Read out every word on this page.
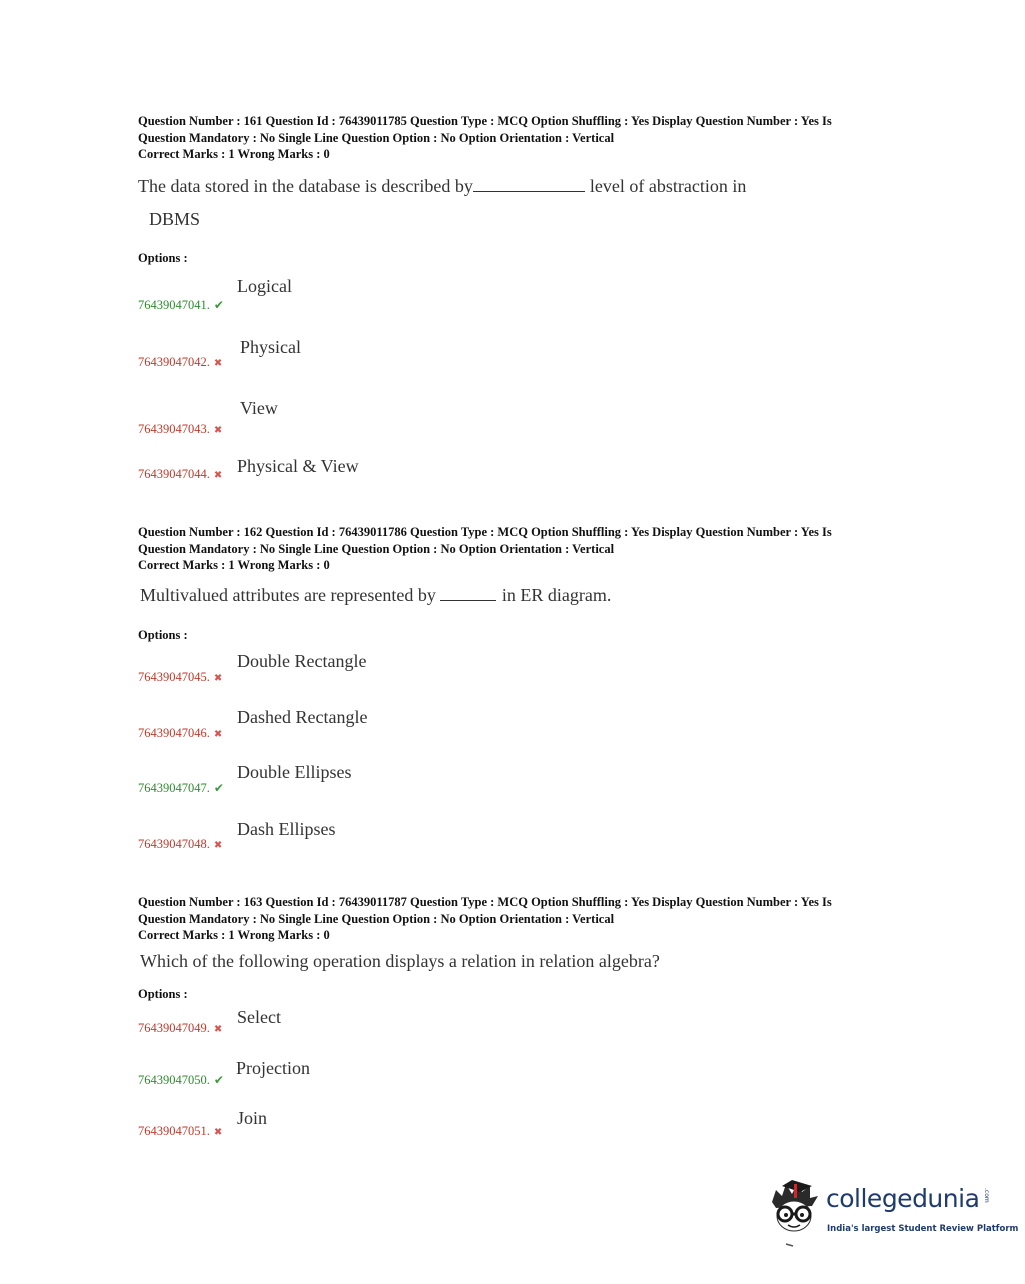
Question Number : 161 Question Id : 76439011785 Question Type : MCQ Option Shuffling : Yes Display Question Number : Yes Is
Question Mandatory : No Single Line Question Option : No Option Orientation : Vertical
Correct Marks : 1 Wrong Marks : 0
The data stored in the database is described by	level of abstraction in
DBMS
Options :
Logical
76439047041. ✔
Physical
76439047042. ✖
View
76439047043. ✖
Physical & View
76439047044. ✖
Question Number : 162 Question Id : 76439011786 Question Type : MCQ Option Shuffling : Yes Display Question Number : Yes Is
Question Mandatory : No Single Line Question Option : No Option Orientation : Vertical
Correct Marks : 1 Wrong Marks : 0
Multivalued attributes are represented by	in ER diagram.
Options :
Double Rectangle
76439047045. ✖
Dashed Rectangle
76439047046. ✖
Double Ellipses
76439047047. ✔
Dash Ellipses
76439047048. ✖
Question Number : 163 Question Id : 76439011787 Question Type : MCQ Option Shuffling : Yes Display Question Number : Yes Is
Question Mandatory : No Single Line Question Option : No Option Orientation : Vertical
Correct Marks : 1 Wrong Marks : 0
Which of the following operation displays a relation in relation algebra?
Options :
Select
76439047049. ✖
Projection
76439047050. ✔
Join
76439047051. ✖
collegedunia .com
India's largest Student Review Platform
